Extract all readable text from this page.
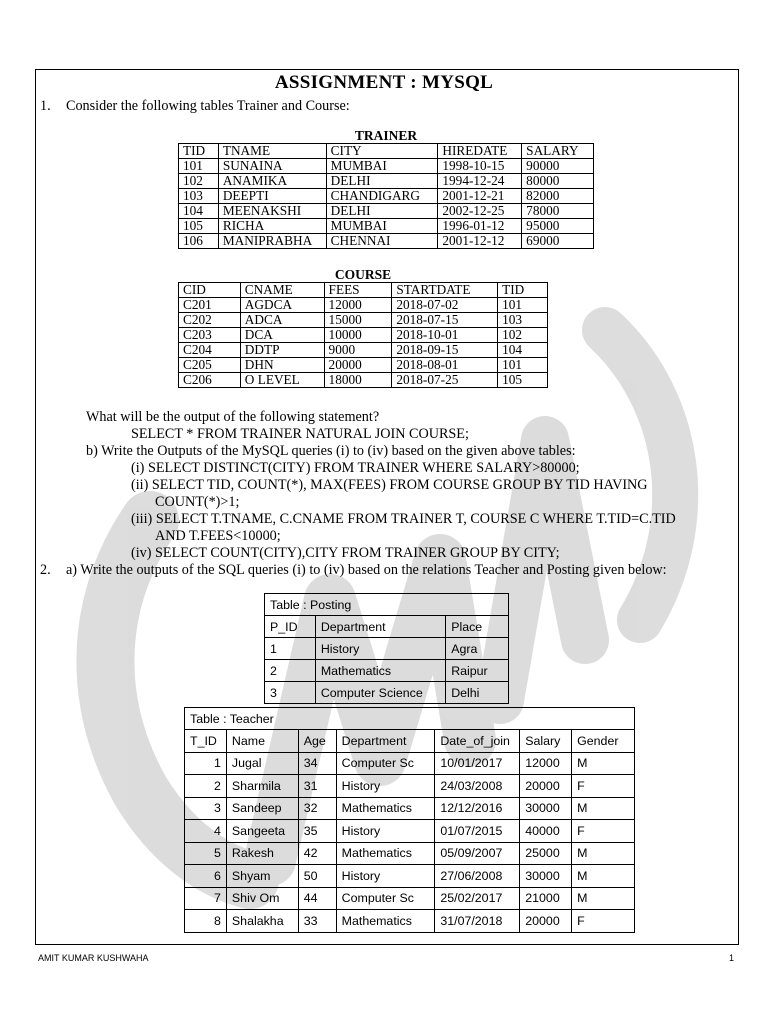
ASSIGNMENT : MYSQL
1. Consider the following tables Trainer and Course:
TRAINER
TID	TNAME	CITY	HIREDATE	SALARY
101	SUNAINA	MUMBAI	1998-10-15	90000
102	ANAMIKA	DELHI	1994-12-24	80000
103	DEEPTI	CHANDIGARG	2001-12-21	82000
104	MEENAKSHI	DELHI	2002-12-25	78000
105	RICHA	MUMBAI	1996-01-12	95000
106	MANIPRABHA	CHENNAI	2001-12-12	69000
COURSE
CID	CNAME	FEES	STARTDATE	TID
C201	AGDCA	12000	2018-07-02	101
C202	ADCA	15000	2018-07-15	103
C203	DCA	10000	2018-10-01	102
C204	DDTP	9000	2018-09-15	104
C205	DHN	20000	2018-08-01	101
C206	O LEVEL	18000	2018-07-25	105
What will be the output of the following statement?
SELECT * FROM TRAINER NATURAL JOIN COURSE;
b) Write the Outputs of the MySQL queries (i) to (iv) based on the given above tables:
(i) SELECT DISTINCT(CITY) FROM TRAINER WHERE SALARY>80000;
(ii) SELECT TID, COUNT(*), MAX(FEES) FROM COURSE GROUP BY TID HAVING
COUNT(*)>1;
(iii) SELECT T.TNAME, C.CNAME FROM TRAINER T, COURSE C WHERE T.TID=C.TID
AND T.FEES<10000;
(iv) SELECT COUNT(CITY),CITY FROM TRAINER GROUP BY CITY;
2. a) Write the outputs of the SQL queries (i) to (iv) based on the relations Teacher and Posting given below:
Table : Posting
P_ID	Department	Place
1	History	Agra
2	Mathematics	Raipur
3	Computer Science	Delhi
Table : Teacher
T_ID	Name	Age	Department	Date_of_join	Salary	Gender
1	Jugal	34	Computer Sc	10/01/2017	12000	M
2	Sharmila	31	History	24/03/2008	20000	F
3	Sandeep	32	Mathematics	12/12/2016	30000	M
4	Sangeeta	35	History	01/07/2015	40000	F
5	Rakesh	42	Mathematics	05/09/2007	25000	M
6	Shyam	50	History	27/06/2008	30000	M
7	Shiv Om	44	Computer Sc	25/02/2017	21000	M
8	Shalakha	33	Mathematics	31/07/2018	20000	F
AMIT KUMAR KUSHWAHA	1
